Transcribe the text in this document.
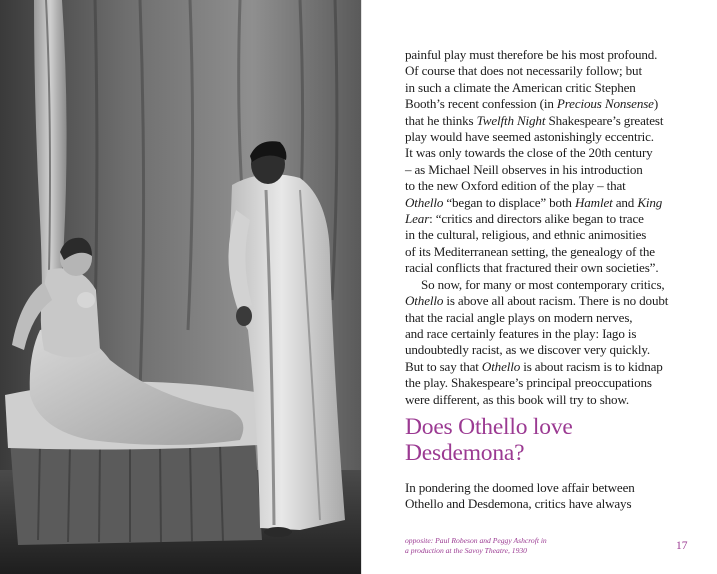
painful play must therefore be his most profound.
Of course that does not necessarily follow; but
in such a climate the American critic Stephen
Booth’s recent confession (in Precious Nonsense)
that he thinks Twelfth Night Shakespeare’s greatest
play would have seemed astonishingly eccentric.
It was only towards the close of the 20th century
– as Michael Neill observes in his introduction
to the new Oxford edition of the play – that
Othello “began to displace” both Hamlet and King
Lear: “critics and directors alike began to trace
in the cultural, religious, and ethnic animosities
of its Mediterranean setting, the genealogy of the
racial conflicts that fractured their own societies”.
So now, for many or most contemporary critics,
Othello is above all about racism. There is no doubt
that the racial angle plays on modern nerves,
and race certainly features in the play: Iago is
undoubtedly racist, as we discover very quickly.
But to say that Othello is about racism is to kidnap
the play. Shakespeare’s principal preoccupations
were different, as this book will try to show.
Does Othello love
Desdemona?
In pondering the doomed love affair between
Othello and Desdemona, critics have always
opposite: Paul Robeson and Peggy Ashcroft in
a production at the Savoy Theatre, 1930	17
